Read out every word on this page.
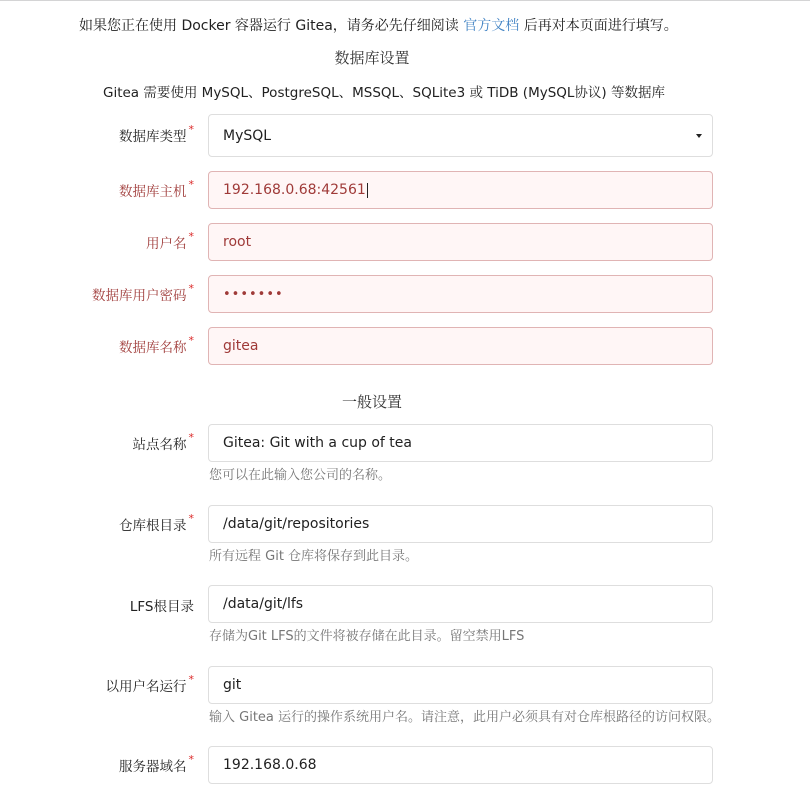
如果您正在使用 Docker 容器运行 Gitea，请务必先仔细阅读 官方文档 后再对本页面进行填写。
数据库设置
Gitea 需要使用 MySQL、PostgreSQL、MSSQL、SQLite3 或 TiDB (MySQL协议) 等数据库
数据库类型 * MySQL
数据库主机 * 192.168.0.68:42561
用户名 * root
数据库用户密码 * •••••••
数据库名称 * gitea
一般设置
站点名称 * Gitea: Git with a cup of tea
您可以在此输入您公司的名称。
仓库根目录 * /data/git/repositories
所有远程 Git 仓库将保存到此目录。
LFS根目录 /data/git/lfs
存储为Git LFS的文件将被存储在此目录。留空禁用LFS
以用户名运行 * git
输入 Gitea 运行的操作系统用户名。请注意，此用户必须具有对仓库根路径的访问权限。
服务器域名 * 192.168.0.68
